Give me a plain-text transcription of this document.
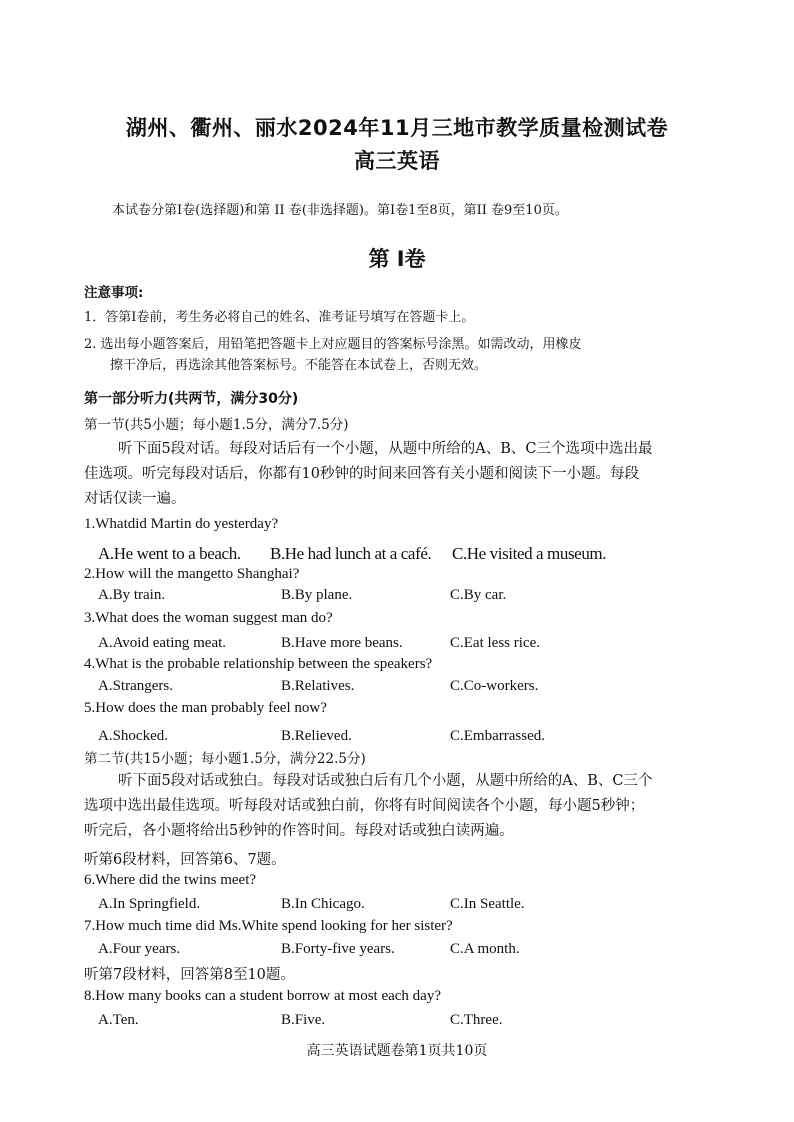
湖州、衢州、丽水2024年11月三地市教学质量检测试卷
高三英语
本试卷分第Ⅰ卷(选择题)和第 II 卷(非选择题)。第Ⅰ卷1至8页，第II 卷9至10页。
第 I卷
注意事项:
1．答第Ⅰ卷前，考生务必将自己的姓名、准考证号填写在答题卡上。
2. 选出每小题答案后，用铅笔把答题卡上对应题目的答案标号涂黑。如需改动，用橡皮
擦干净后，再选涂其他答案标号。不能答在本试卷上，否则无效。
第一部分听力(共两节，满分30分)
第一节(共5小题；每小题1.5分，满分7.5分)
听下面5段对话。每段对话后有一个小题，从题中所给的A、B、C三个选项中选出最
佳选项。听完每段对话后，你都有10秒钟的时间来回答有关小题和阅读下一小题。每段
对话仅读一遍。
1.Whatdid Martin do yesterday?
A.He went to a beach. B.He had lunch at a café. C.He visited a museum.
2.How will the mangetto Shanghai?
A.By train.	B.By plane.	C.By car.
3.What does the woman suggest man do?
A.Avoid eating meat.	B.Have more beans.	C.Eat less rice.
4.What is the probable relationship between the speakers?
A.Strangers.	B.Relatives.	C.Co-workers.
5.How does the man probably feel now?
A.Shocked.	B.Relieved.	C.Embarrassed.
第二节(共15小题；每小题1.5分，满分22.5分)
听下面5段对话或独白。每段对话或独白后有几个小题，从题中所给的A、B、C三个
选项中选出最佳选项。听每段对话或独白前，你将有时间阅读各个小题，每小题5秒钟；
听完后，各小题将给出5秒钟的作答时间。每段对话或独白读两遍。
听第6段材料，回答第6、7题。
6.Where did the twins meet?
A.In Springfield.	B.In Chicago.	C.In Seattle.
7.How much time did Ms.White spend looking for her sister?
A.Four years.	B.Forty-five years.	C.A month.
听第7段材料，回答第8至10题。
8.How many books can a student borrow at most each day?
A.Ten.	B.Five.	C.Three.
高三英语试题卷第1页共10页
